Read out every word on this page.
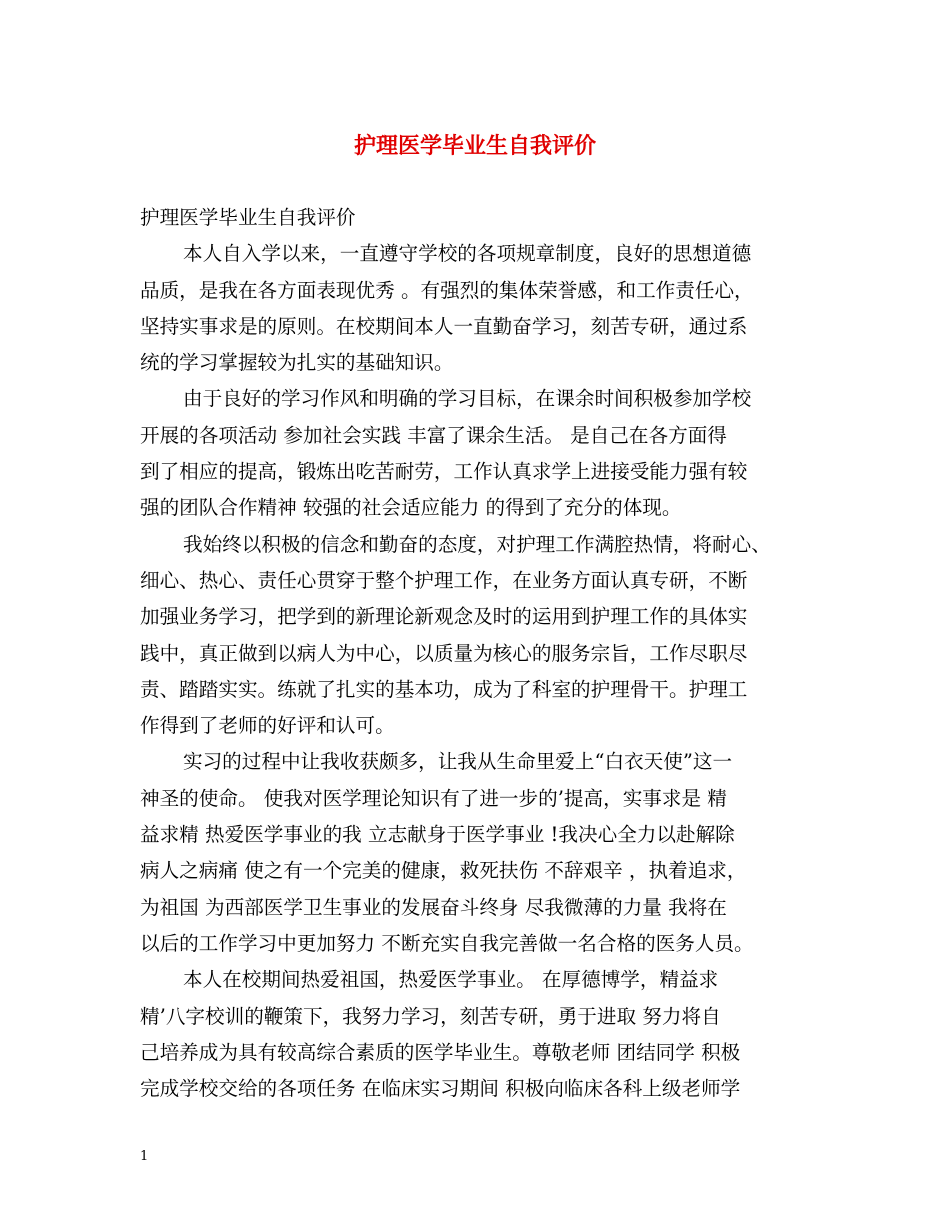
护理医学毕业生自我评价
护理医学毕业生自我评价
本人自入学以来，一直遵守学校的各项规章制度，良好的思想道德
品质，是我在各方面表现优秀 。有强烈的集体荣誉感，和工作责任心，
坚持实事求是的原则。在校期间本人一直勤奋学习，刻苦专研，通过系
统的学习掌握较为扎实的基础知识。
由于良好的学习作风和明确的学习目标，在课余时间积极参加学校
开展的各项活动 参加社会实践 丰富了课余生活。 是自己在各方面得
到了相应的提高，锻炼出吃苦耐劳，工作认真求学上进接受能力强有较
强的团队合作精神 较强的社会适应能力 的得到了充分的体现。
我始终以积极的信念和勤奋的态度，对护理工作满腔热情，将耐心、
细心、热心、责任心贯穿于整个护理工作，在业务方面认真专研，不断
加强业务学习，把学到的新理论新观念及时的运用到护理工作的具体实
践中，真正做到以病人为中心，以质量为核心的服务宗旨，工作尽职尽
责、踏踏实实。练就了扎实的基本功，成为了科室的护理骨干。护理工
作得到了老师的好评和认可。
实习的过程中让我收获颇多，让我从生命里爱上“白衣天使”这一
神圣的使命。 使我对医学理论知识有了进一步的’提高，实事求是 精
益求精 热爱医学事业的我 立志献身于医学事业 !我决心全力以赴解除
病人之病痛 使之有一个完美的健康，救死扶伤 不辞艰辛 ，执着追求，
为祖国 为西部医学卫生事业的发展奋斗终身 尽我微薄的力量 我将在
以后的工作学习中更加努力 不断充实自我完善做一名合格的医务人员。
本人在校期间热爱祖国，热爱医学事业。 在厚德博学，精益求
精’八字校训的鞭策下，我努力学习，刻苦专研，勇于进取 努力将自
己培养成为具有较高综合素质的医学毕业生。尊敬老师 团结同学 积极
完成学校交给的各项任务 在临床实习期间 积极向临床各科上级老师学
1
